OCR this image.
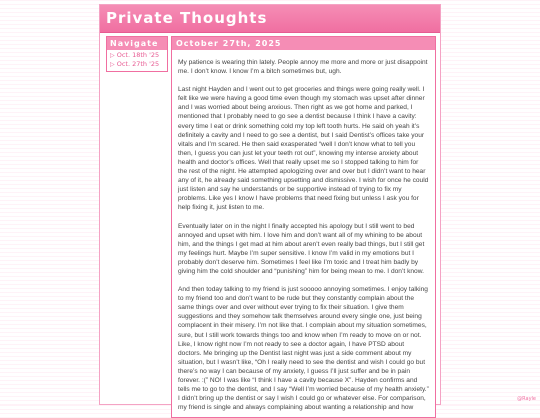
Private Thoughts
Navigate
▷ Oct. 18th '25
▷ Oct. 27th '25
October 27th, 2025

My patience is wearing thin lately. People annoy me more and more or just disappoint me. I don’t know. I know I’m a bitch sometimes but, ugh.

Last night Hayden and I went out to get groceries and things were going really well. I felt like we were having a good time even though my stomach was upset after dinner and I was worried about being anxious. Then right as we got home and parked, I mentioned that I probably need to go see a dentist because I think I have a cavity: every time I eat or drink something cold my top left tooth hurts. He said oh yeah it’s definitely a cavity and I need to go see a dentist, but I said Dentist’s offices take your vitals and I’m scared. He then said exasperated “well I don’t know what to tell you then, I guess you can just let your teeth rot out”, knowing my intense anxiety about health and doctor’s offices. Well that really upset me so I stopped talking to him for the rest of the night. He attempted apologizing over and over but I didn’t want to hear any of it, he already said something upsetting and dismissive. I wish for once he could just listen and say he understands or be supportive instead of trying to fix my problems. Like yes I know I have problems that need fixing but unless I ask you for help fixing it, just listen to me.

Eventually later on in the night I finally accepted his apology but I still went to bed annoyed and upset with him. I love him and don’t want all of my whining to be about him, and the things I get mad at him about aren’t even really bad things, but I still get my feelings hurt. Maybe I’m super sensitive. I know I’m valid in my emotions but I probably don’t deserve him. Sometimes I feel like I’m toxic and I treat him badly by giving him the cold shoulder and “punishing” him for being mean to me. I don’t know.

And then today talking to my friend is just sooooo annoying sometimes. I enjoy talking to my friend too and don’t want to be rude but they constantly complain about the same things over and over without ever trying to fix their situation. I give them suggestions and they somehow talk themselves around every single one, just being complacent in their misery. I’m not like that. I complain about my situation sometimes, sure, but I still work towards things too and know when I’m ready to move on or not. Like, I know right now I’m not ready to see a doctor again, I have PTSD about doctors. Me bringing up the Dentist last night was just a side comment about my situation, but I wasn’t like, “Oh I really need to see the dentist and wish I could go but there’s no way I can because of my anxiety, I guess I’ll just suffer and be in pain forever. :(” NO! I was like “I think I have a cavity because X”. Hayden confirms and tells me to go to the dentist, and I say “Well I’m worried because of my health anxiety.” I didn’t bring up the dentist or say I wish I could go or whatever else. For comparison, my friend is single and always complaining about wanting a relationship and how

@Rayle
